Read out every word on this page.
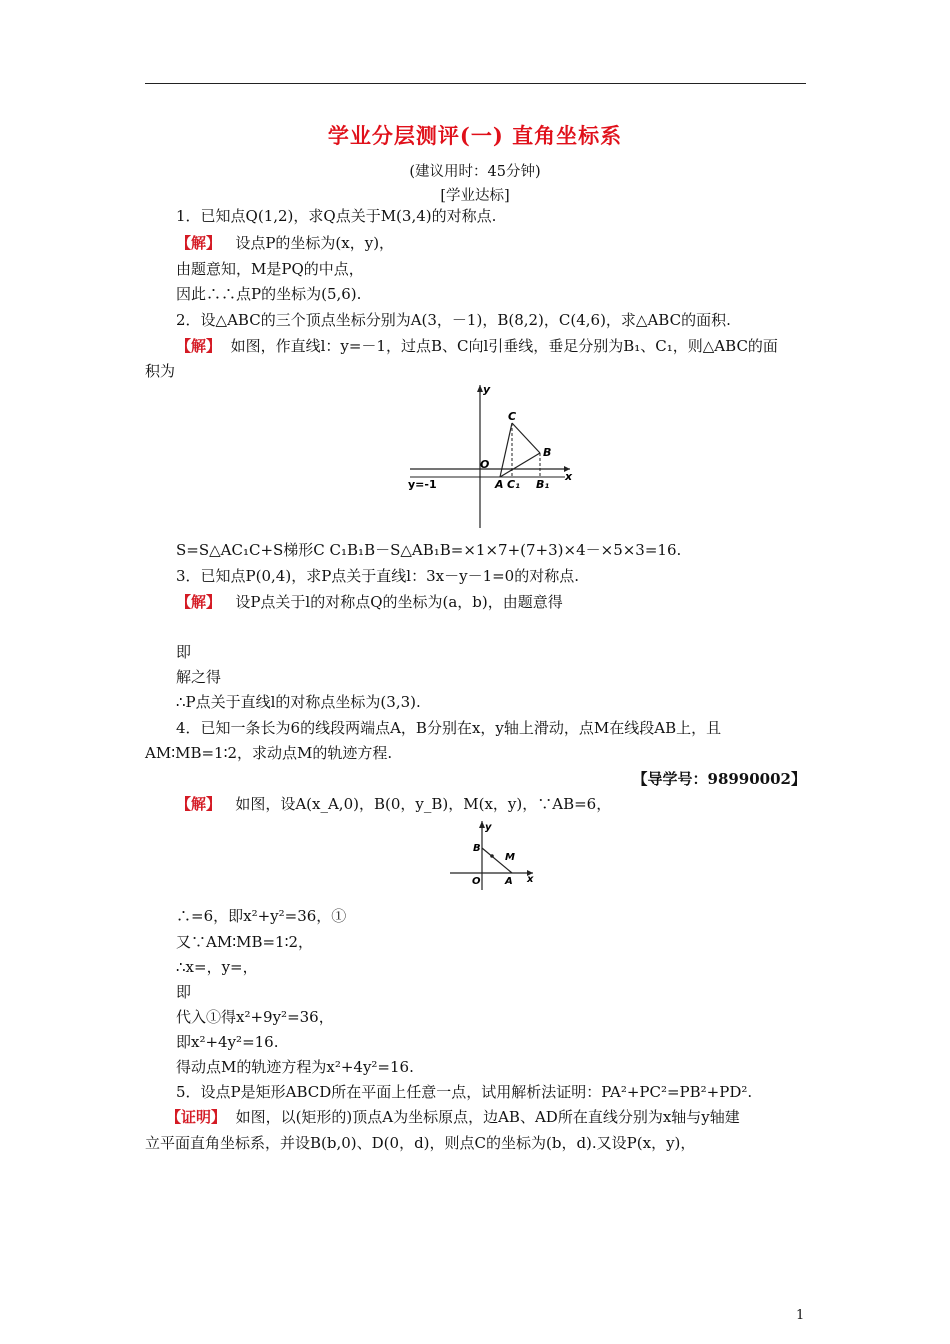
学业分层测评(一) 直角坐标系
(建议用时：45分钟)
[学业达标]
1．已知点Q(1,2)，求Q点关于M(3,4)的对称点.
【解】 设点P的坐标为(x，y)，
由题意知，M是PQ的中点，
因此∴∴点P的坐标为(5,6).
2．设△ABC的三个顶点坐标分别为A(3，－1)，B(8,2)，C(4,6)，求△ABC的面积.
【解】 如图，作直线l：y=－1，过点B、C向l引垂线，垂足分别为B₁、C₁，则△ABC的面
积为
y
x
O
C
B
A C₁ B₁
y=-1
S=S△AC₁C+S梯形C C₁B₁B－S△AB₁B=×1×7+(7+3)×4－×5×3=16.
3．已知点P(0,4)，求P点关于直线l：3x－y－1=0的对称点.
【解】 设P点关于l的对称点Q的坐标为(a，b)，由题意得
即
解之得
∴P点关于直线l的对称点坐标为(3,3).
4．已知一条长为6的线段两端点A，B分别在x，y轴上滑动，点M在线段AB上，且
AM∶MB=1∶2，求动点M的轨迹方程.
【导学号：98990002】
【解】 如图，设A(x_A,0)，B(0，y_B)，M(x，y)，∵AB=6，
y
x
O
B
M
A
∴=6，即x²+y²=36，①
又∵AM∶MB=1∶2，
∴x=，y=，
即
代入①得x²+9y²=36，
即x²+4y²=16.
得动点M的轨迹方程为x²+4y²=16.
5．设点P是矩形ABCD所在平面上任意一点，试用解析法证明：PA²+PC²=PB²+PD².
【证明】 如图，以(矩形的)顶点A为坐标原点，边AB、AD所在直线分别为x轴与y轴建
立平面直角坐标系，并设B(b,0)、D(0，d)，则点C的坐标为(b，d).又设P(x，y)，
1
